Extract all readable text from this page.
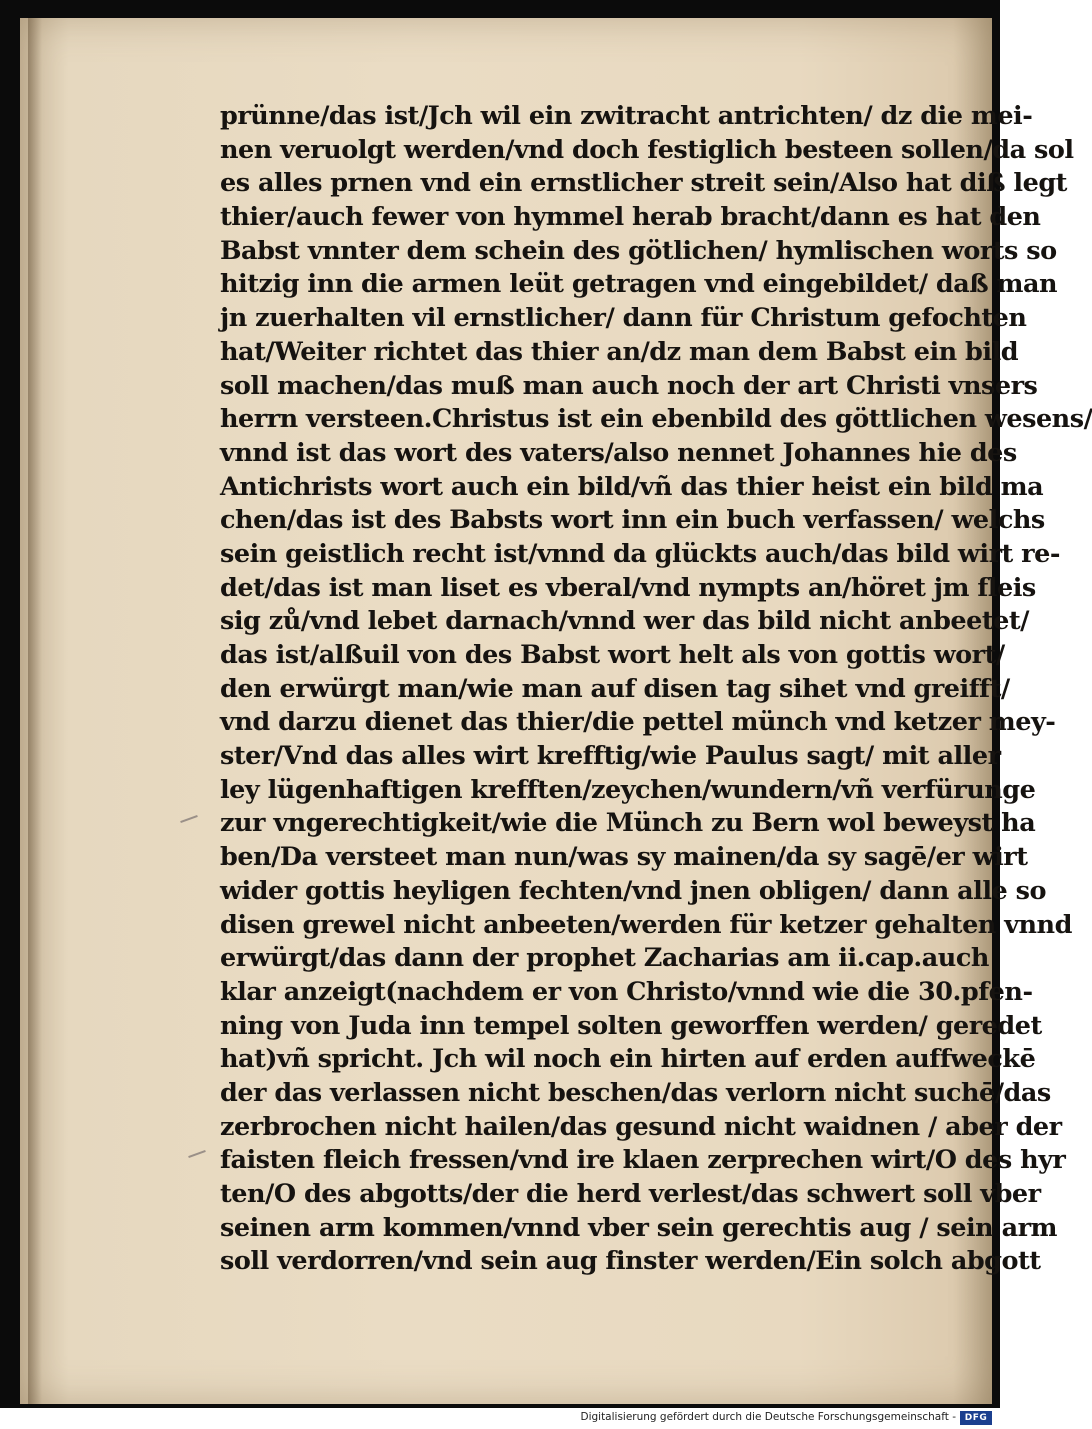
prünne/das ist/Jch wil ein zwitracht antrichten/ dz die mei-
nen veruolgt werden/vnd doch festiglich besteen sollen/da sol
es alles prnen vnd ein ernstlicher streit sein/Also hat diß legt
thier/auch fewer von hymmel herab bracht/dann es hat den
Babst vnnter dem schein des götlichen/ hymlischen worts so
hitzig inn die armen leüt getragen vnd eingebildet/ daß man
jn zuerhalten vil ernstlicher/ dann für Christum gefochten
hat/Weiter richtet das thier an/dz man dem Babst ein bild
soll machen/das muß man auch noch der art Christi vnsers
herrn versteen.Christus ist ein ebenbild des göttlichen wesens/
vnnd ist das wort des vaters/also nennet Johannes hie des
Antichrists wort auch ein bild/vñ das thier heist ein bild ma
chen/das ist des Babsts wort inn ein buch verfassen/ welchs
sein geistlich recht ist/vnnd da glückts auch/das bild wirt re-
det/das ist man liset es vberal/vnd nympts an/höret jm fleis
sig zů/vnd lebet darnach/vnnd wer das bild nicht anbeetet/
das ist/alßuil von des Babst wort helt als von gottis wort/
den erwürgt man/wie man auf disen tag sihet vnd greifft/
vnd darzu dienet das thier/die pettel münch vnd ketzer mey-
ster/Vnd das alles wirt krefftig/wie Paulus sagt/ mit aller
ley lügenhaftigen krefften/zeychen/wundern/vñ verfürunge
zur vngerechtigkeit/wie die Münch zu Bern wol beweyst ha
ben/Da versteet man nun/was sy mainen/da sy sagē/er wirt
wider gottis heyligen fechten/vnd jnen obligen/ dann alle so
disen grewel nicht anbeeten/werden für ketzer gehalten vnnd
erwürgt/das dann der prophet Zacharias am ii.cap.auch
klar anzeigt(nachdem er von Christo/vnnd wie die 30.pfen-
ning von Juda inn tempel solten geworffen werden/ geredet
hat)vñ spricht. Jch wil noch ein hirten auf erden auffweckē
der das verlassen nicht beschen/das verlorn nicht suchē/das
zerbrochen nicht hailen/das gesund nicht waidnen / aber der
faisten fleich fressen/vnd ire klaen zerprechen wirt/O des hyr
ten/O des abgotts/der die herd verlest/das schwert soll vber
seinen arm kommen/vnnd vber sein gerechtis aug / sein arm
soll verdorren/vnd sein aug finster werden/Ein solch abgott
Digitalisierung gefördert durch die Deutsche Forschungsgemeinschaft - DFG
